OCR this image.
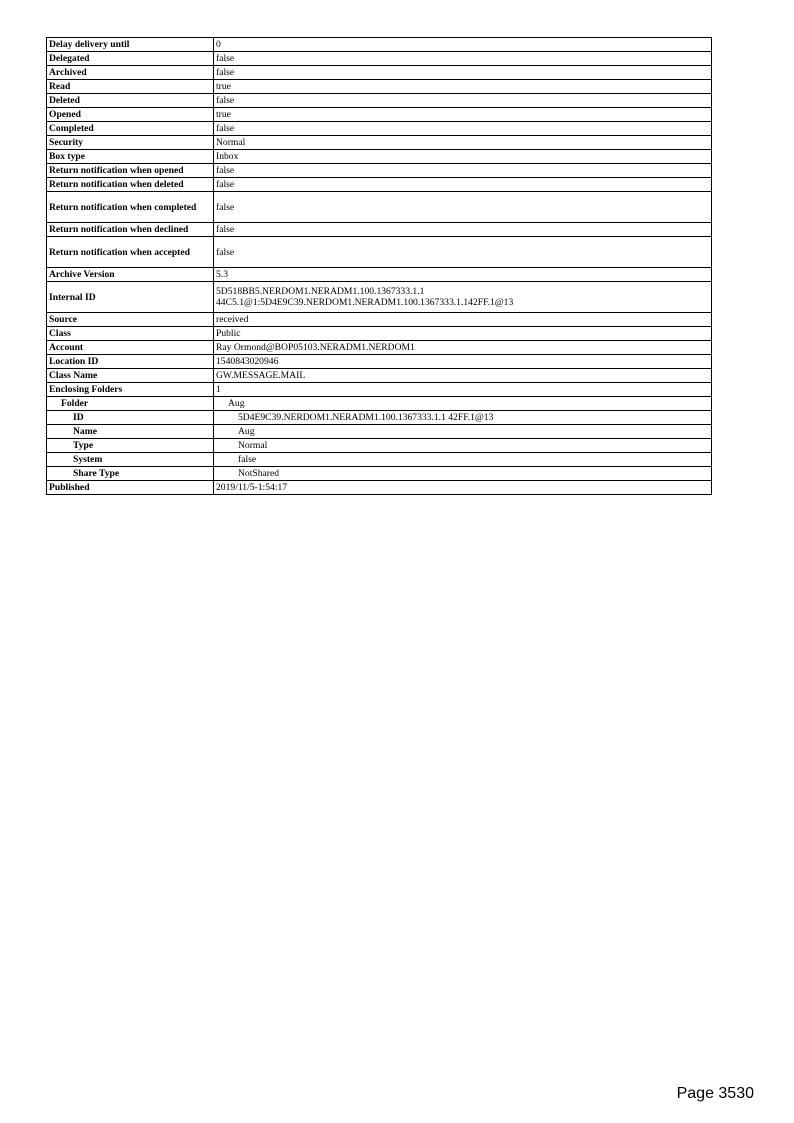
Delay delivery until	0
Delegated	false
Archived	false
Read	true
Deleted	false
Opened	true
Completed	false
Security	Normal
Box type	Inbox
Return notification when opened	false
Return notification when deleted	false
Return notification when completed	false
Return notification when declined	false
Return notification when accepted	false
Archive Version	5.3
Internal ID	5D518BB5.NERDOM1.NERADM1.100.1367333.1.1 44C5.1@1:5D4E9C39.NERDOM1.NERADM1.100.1367333.1.142FF.1@13
Source	received
Class	Public
Account	Ray Ormond@BOP05103.NERADM1.NERDOM1
Location ID	1540843020946
Class Name	GW.MESSAGE.MAIL
Enclosing Folders	1
Folder	Aug
ID	5D4E9C39.NERDOM1.NERADM1.100.1367333.1.1 42FF.1@13
Name	Aug
Type	Normal
System	false
Share Type	NotShared
Published	2019/11/5-1:54:17
Page 3530
